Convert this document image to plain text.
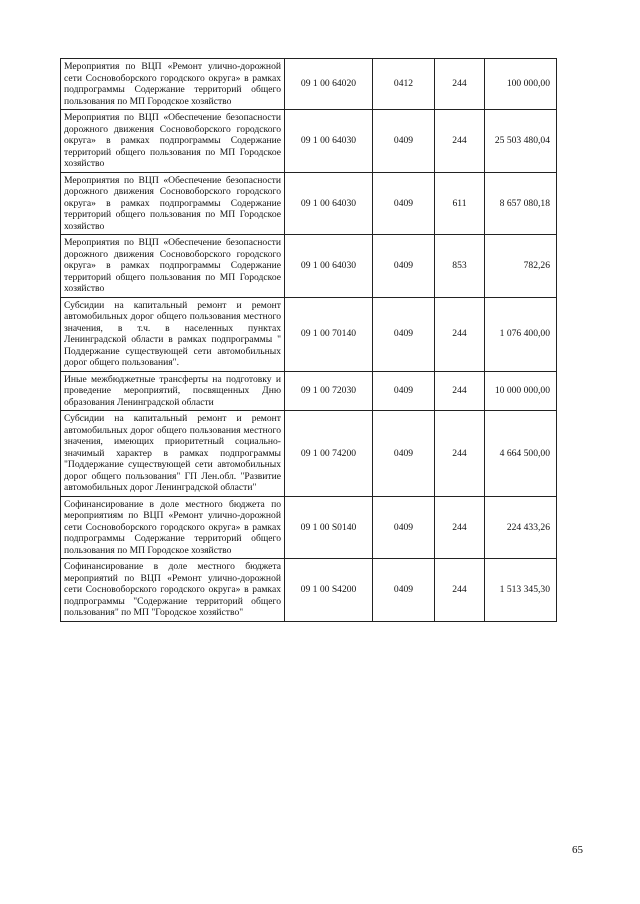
Мероприятия по ВЦП «Ремонт улично-дорожной сети Сосновоборского городского округа» в рамках подпрограммы Содержание территорий общего пользования по МП Городское хозяйство	09 1 00 64020	0412	244	100 000,00
Мероприятия по ВЦП «Обеспечение безопасности дорожного движения Сосновоборского городского округа» в рамках подпрограммы Содержание территорий общего пользования по МП Городское хозяйство	09 1 00 64030	0409	244	25 503 480,04
Мероприятия по ВЦП «Обеспечение безопасности дорожного движения Сосновоборского городского округа» в рамках подпрограммы Содержание территорий общего пользования по МП Городское хозяйство	09 1 00 64030	0409	611	8 657 080,18
Мероприятия по ВЦП «Обеспечение безопасности дорожного движения Сосновоборского городского округа» в рамках подпрограммы Содержание территорий общего пользования по МП Городское хозяйство	09 1 00 64030	0409	853	782,26
Субсидии на капитальный ремонт и ремонт автомобильных дорог общего пользования местного значения, в т.ч. в населенных пунктах Ленинградской области в рамках подпрограммы " Поддержание существующей сети автомобильных дорог общего пользования".	09 1 00 70140	0409	244	1 076 400,00
Иные межбюджетные трансферты на подготовку и проведение мероприятий, посвященных Дню образования Ленинградской области	09 1 00 72030	0409	244	10 000 000,00
Субсидии на капитальный ремонт и ремонт автомобильных дорог общего пользования местного значения, имеющих приоритетный социально-значимый характер в рамках подпрограммы "Поддержание существующей сети автомобильных дорог общего пользования" ГП Лен.обл. "Развитие автомобильных дорог Ленинградской области"	09 1 00 74200	0409	244	4 664 500,00
Софинансирование в доле местного бюджета по мероприятиям по ВЦП «Ремонт улично-дорожной сети Сосновоборского городского округа» в рамках подпрограммы Содержание территорий общего пользования по МП Городское хозяйство	09 1 00 S0140	0409	244	224 433,26
Софинансирование в доле местного бюджета мероприятий по ВЦП «Ремонт улично-дорожной сети Сосновоборского городского округа» в рамках подпрограммы "Содержание территорий общего пользования" по МП "Городское хозяйство"	09 1 00 S4200	0409	244	1 513 345,30
65
